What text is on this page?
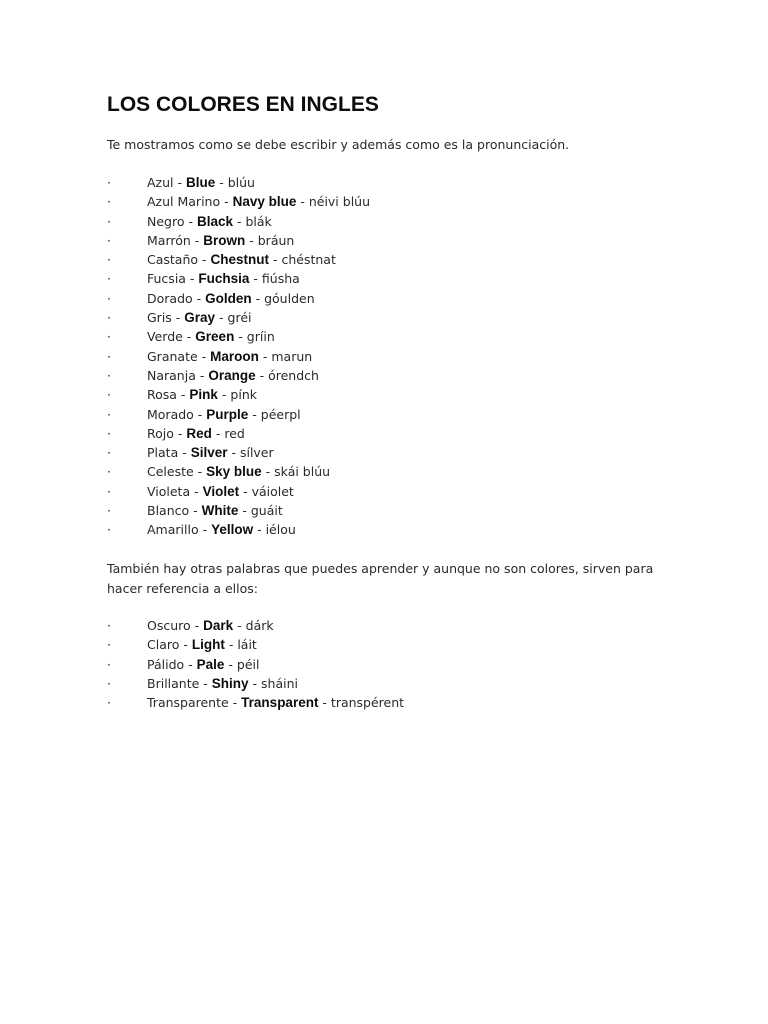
LOS COLORES EN INGLES

Te mostramos como se debe escribir y además como es la pronunciación.

·	Azul - Blue - blúu
·	Azul Marino - Navy blue - néivi blúu
·	Negro - Black - blák
·	Marrón - Brown - bráun
·	Castaño - Chestnut - chéstnat
·	Fucsia - Fuchsia - fiúsha
·	Dorado - Golden - góulden
·	Gris - Gray - gréi
·	Verde - Green - gríin
·	Granate - Maroon - marun
·	Naranja - Orange - órendch
·	Rosa - Pink - pínk
·	Morado - Purple - péerpl
·	Rojo - Red - red
·	Plata - Silver - sílver
·	Celeste - Sky blue - skái blúu
·	Violeta - Violet - váiolet
·	Blanco - White - guáit
·	Amarillo - Yellow - iélou

También hay otras palabras que puedes aprender y aunque no son colores, sirven para hacer referencia a ellos:

·	Oscuro - Dark - dárk
·	Claro - Light - láit
·	Pálido - Pale - péil
·	Brillante - Shiny - sháini
·	Transparente - Transparent - transpérent
